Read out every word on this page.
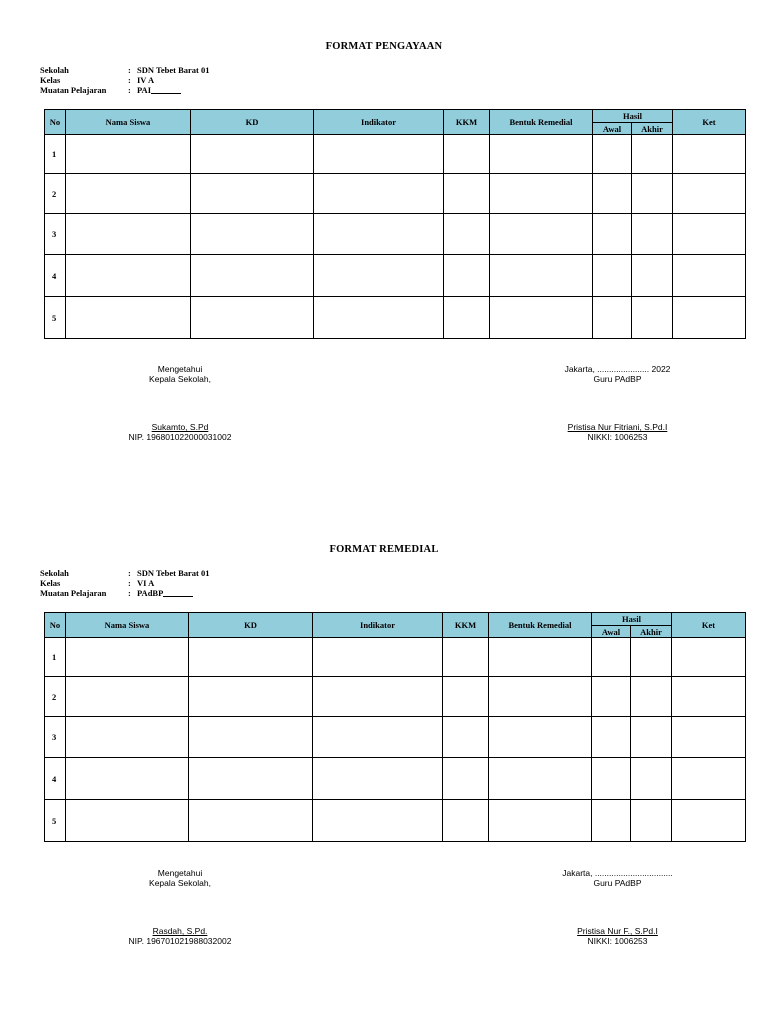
FORMAT PENGAYAAN
Sekolah	: SDN Tebet Barat 01
Kelas	: IV A
Muatan Pelajaran	: PAI
No	Nama Siswa	KD	Indikator	KKM	Bentuk Remedial	Hasil		Ket
						Awal	Akhir	
1								
2								
3								
4								
5								
Mengetahui
Kepala Sekolah,
Sukamto, S.Pd
NIP. 196801022000031002
Jakarta, ...................... 2022
Guru PAdBP
Pristisa Nur Fitriani, S.Pd.I
NIKKI: 1006253
FORMAT REMEDIAL
Sekolah	: SDN Tebet Barat 01
Kelas	: VI A
Muatan Pelajaran	: PAdBP
No	Nama Siswa	KD	Indikator	KKM	Bentuk Remedial	Hasil		Ket
						Awal	Akhir	
1								
2								
3								
4								
5								
Mengetahui
Kepala Sekolah,
Rasdah, S.Pd.
NIP. 196701021988032002
Jakarta, .................................
Guru PAdBP
Pristisa Nur F., S.Pd.I
NIKKI: 1006253
